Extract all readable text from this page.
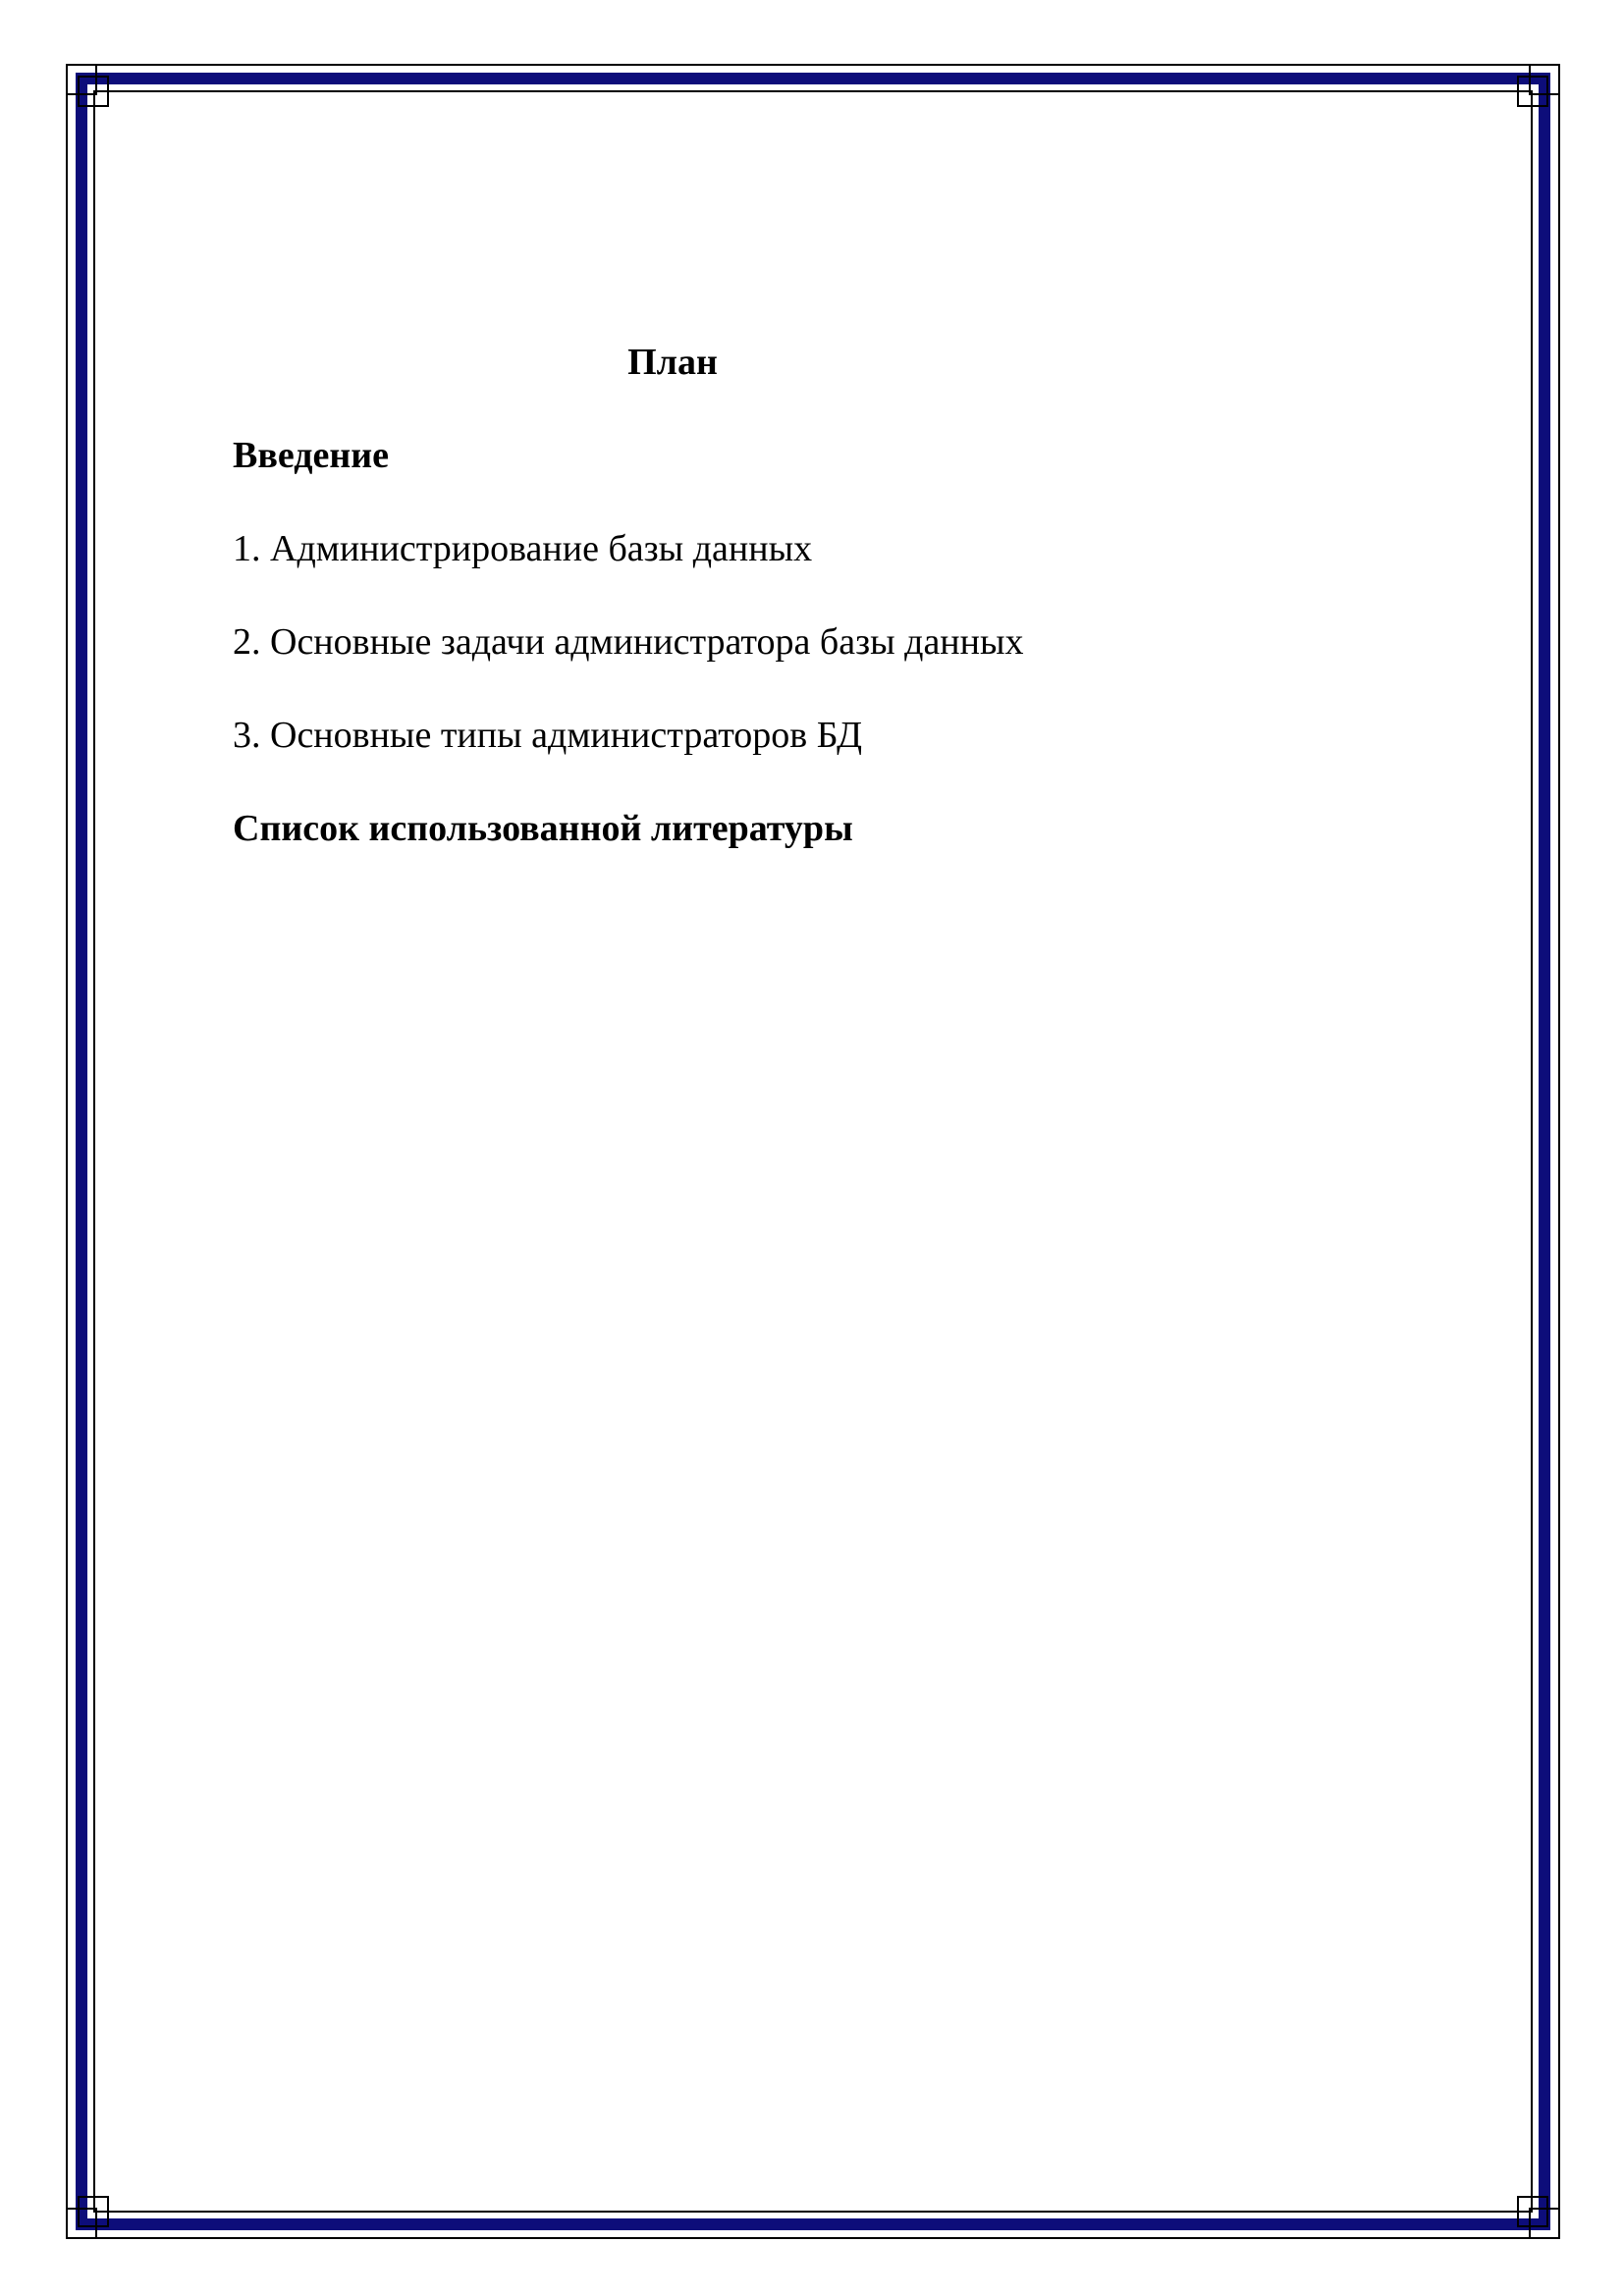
План
Введение
1. Администрирование базы данных
2. Основные задачи администратора базы данных
3. Основные типы администраторов БД
Список использованной литературы
